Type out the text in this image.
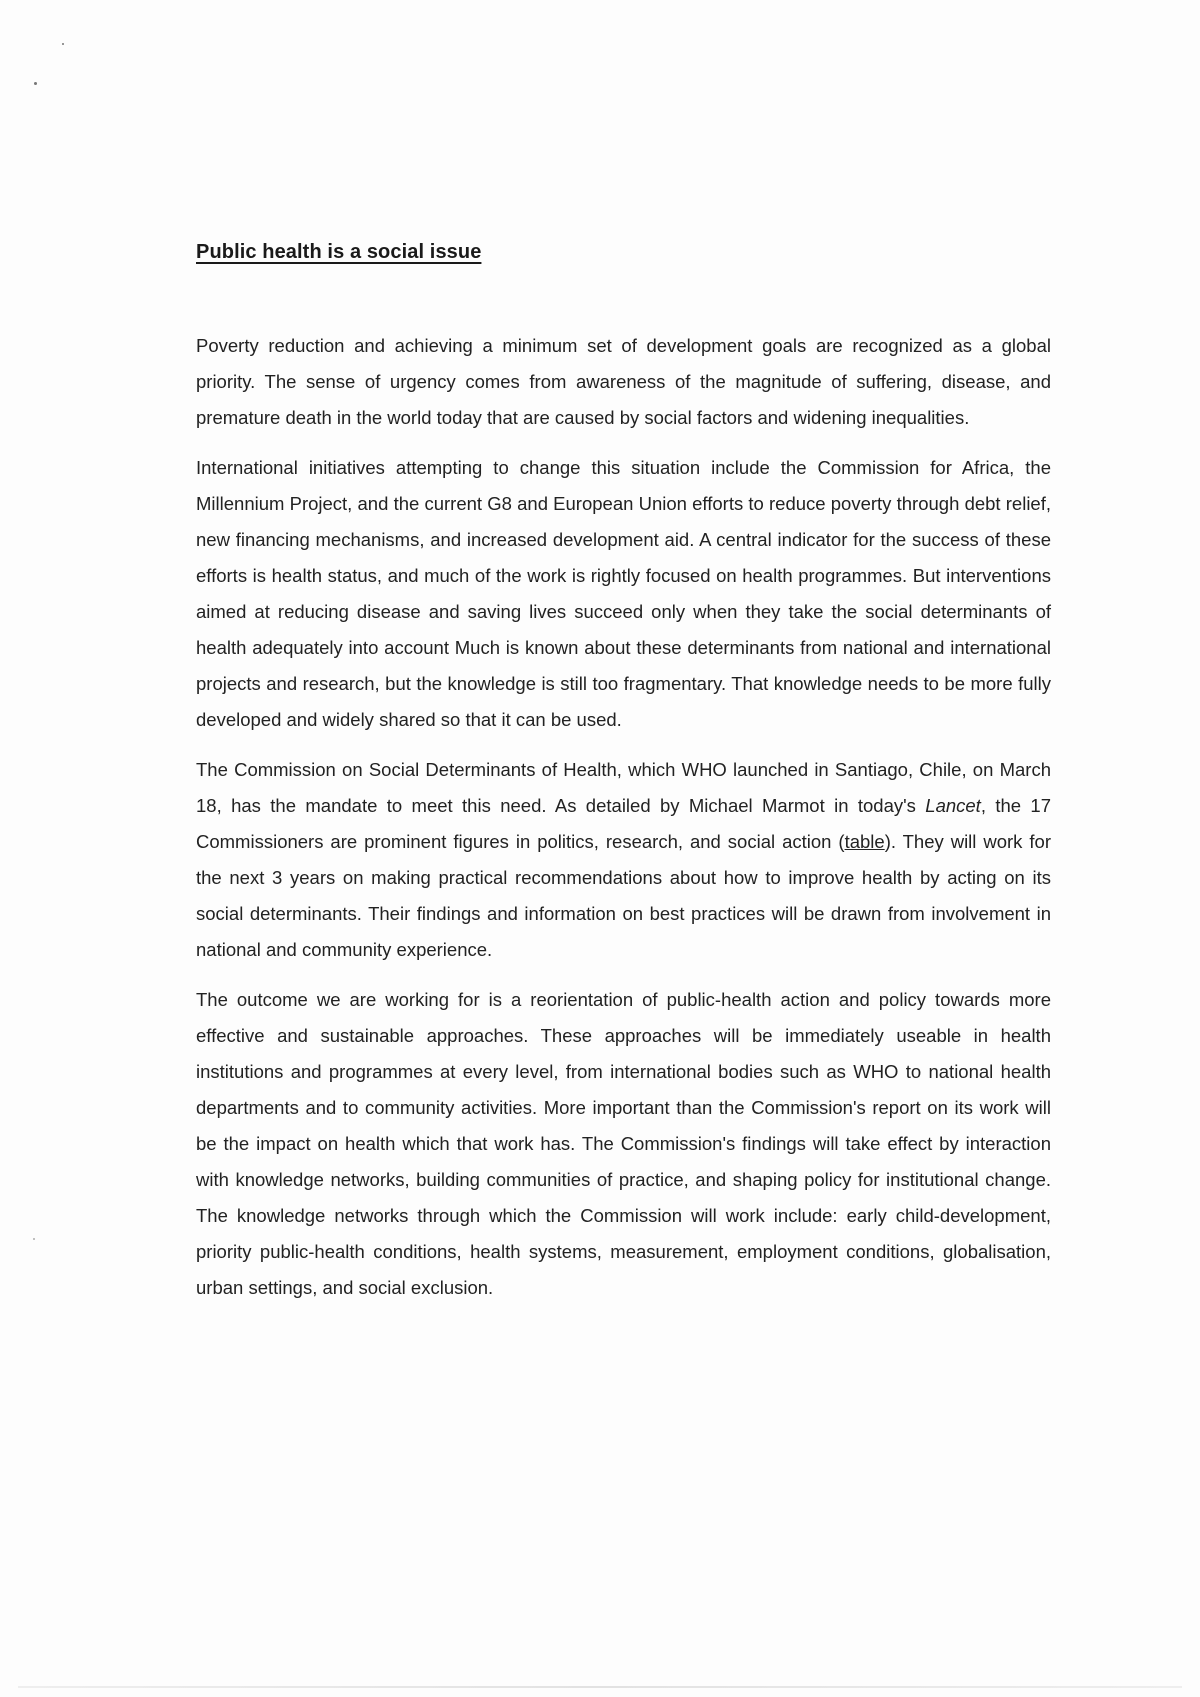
Public health is a social issue

Poverty reduction and achieving a minimum set of development goals are recognized as a global priority. The sense of urgency comes from awareness of the magnitude of suffering, disease, and premature death in the world today that are caused by social factors and widening inequalities.

International initiatives attempting to change this situation include the Commission for Africa, the Millennium Project, and the current G8 and European Union efforts to reduce poverty through debt relief, new financing mechanisms, and increased development aid. A central indicator for the success of these efforts is health status, and much of the work is rightly focused on health programmes. But interventions aimed at reducing disease and saving lives succeed only when they take the social determinants of health adequately into account Much is known about these determinants from national and international projects and research, but the knowledge is still too fragmentary. That knowledge needs to be more fully developed and widely shared so that it can be used.

The Commission on Social Determinants of Health, which WHO launched in Santiago, Chile, on March 18, has the mandate to meet this need. As detailed by Michael Marmot in today's Lancet, the 17 Commissioners are prominent figures in politics, research, and social action (table). They will work for the next 3 years on making practical recommendations about how to improve health by acting on its social determinants. Their findings and information on best practices will be drawn from involvement in national and community experience.

The outcome we are working for is a reorientation of public-health action and policy towards more effective and sustainable approaches. These approaches will be immediately useable in health institutions and programmes at every level, from international bodies such as WHO to national health departments and to community activities. More important than the Commission's report on its work will be the impact on health which that work has. The Commission's findings will take effect by interaction with knowledge networks, building communities of practice, and shaping policy for institutional change. The knowledge networks through which the Commission will work include: early child-development, priority public-health conditions, health systems, measurement, employment conditions, globalisation, urban settings, and social exclusion.
